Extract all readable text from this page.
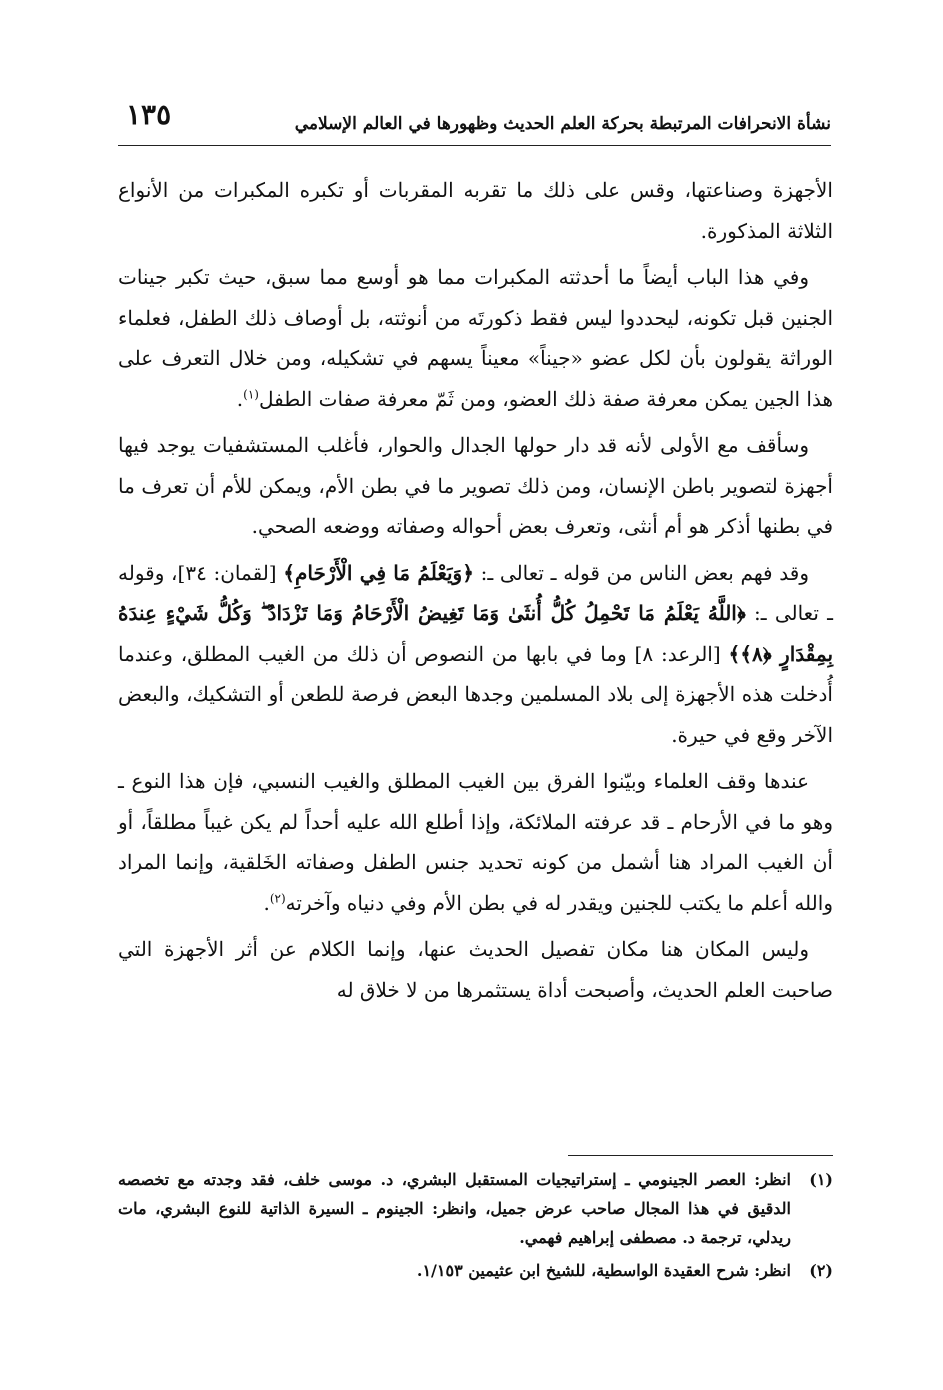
نشأة الانحرافات المرتبطة بحركة العلم الحديث وظهورها في العالم الإسلامي
١٣٥

الأجهزة وصناعتها، وقس على ذلك ما تقربه المقربات أو تكبره المكبرات من الأنواع الثلاثة المذكورة.

وفي هذا الباب أيضاً ما أحدثته المكبرات مما هو أوسع مما سبق، حيث تكبر جينات الجنين قبل تكونه، ليحددوا ليس فقط ذكورتَه من أنوثته، بل أوصاف ذلك الطفل، فعلماء الوراثة يقولون بأن لكل عضو «جيناً» معيناً يسهم في تشكيله، ومن خلال التعرف على هذا الجين يمكن معرفة صفة ذلك العضو، ومن ثَمّ معرفة صفات الطفل$^{(١)}$.

وسأقف مع الأولى لأنه قد دار حولها الجدال والحوار، فأغلب المستشفيات يوجد فيها أجهزة لتصوير باطن الإنسان، ومن ذلك تصوير ما في بطن الأم، ويمكن للأم أن تعرف ما في بطنها أذكر هو أم أنثى، وتعرف بعض أحواله وصفاته ووضعه الصحي.

وقد فهم بعض الناس من قوله ـ تعالى ـ: ﴿وَيَعْلَمُ مَا فِي الْأَرْحَامِ﴾ [لقمان: ٣٤]، وقوله ـ تعالى ـ: ﴿اللَّهُ يَعْلَمُ مَا تَحْمِلُ كُلُّ أُنثَىٰ وَمَا تَغِيضُ الْأَرْحَامُ وَمَا تَزْدَادُ ۖ وَكُلُّ شَيْءٍ عِندَهُ بِمِقْدَارٍ ﴿٨﴾﴾ [الرعد: ٨] وما في بابها من النصوص أن ذلك من الغيب المطلق، وعندما أُدخلت هذه الأجهزة إلى بلاد المسلمين وجدها البعض فرصة للطعن أو التشكيك، والبعض الآخر وقع في حيرة.

عندها وقف العلماء وبيّنوا الفرق بين الغيب المطلق والغيب النسبي، فإن هذا النوع ـ وهو ما في الأرحام ـ قد عرفته الملائكة، وإذا أطلع الله عليه أحداً لم يكن غيباً مطلقاً، أو أن الغيب المراد هنا أشمل من كونه تحديد جنس الطفل وصفاته الخَلقية، وإنما المراد والله أعلم ما يكتب للجنين ويقدر له في بطن الأم وفي دنياه وآخرته$^{(٢)}$.

وليس المكان هنا مكان تفصيل الحديث عنها، وإنما الكلام عن أثر الأجهزة التي صاحبت العلم الحديث، وأصبحت أداة يستثمرها من لا خلاق له

(١)
انظر: العصر الجينومي ـ إستراتيجيات المستقبل البشري، د. موسى خلف، فقد وجدته مع تخصصه الدقيق في هذا المجال صاحب عرض جميل، وانظر: الجينوم ـ السيرة الذاتية للنوع البشري، مات ريدلي، ترجمة د. مصطفى إبراهيم فهمي.
(٢)
انظر: شرح العقيدة الواسطية، للشيخ ابن عثيمين ١/١٥٣.
